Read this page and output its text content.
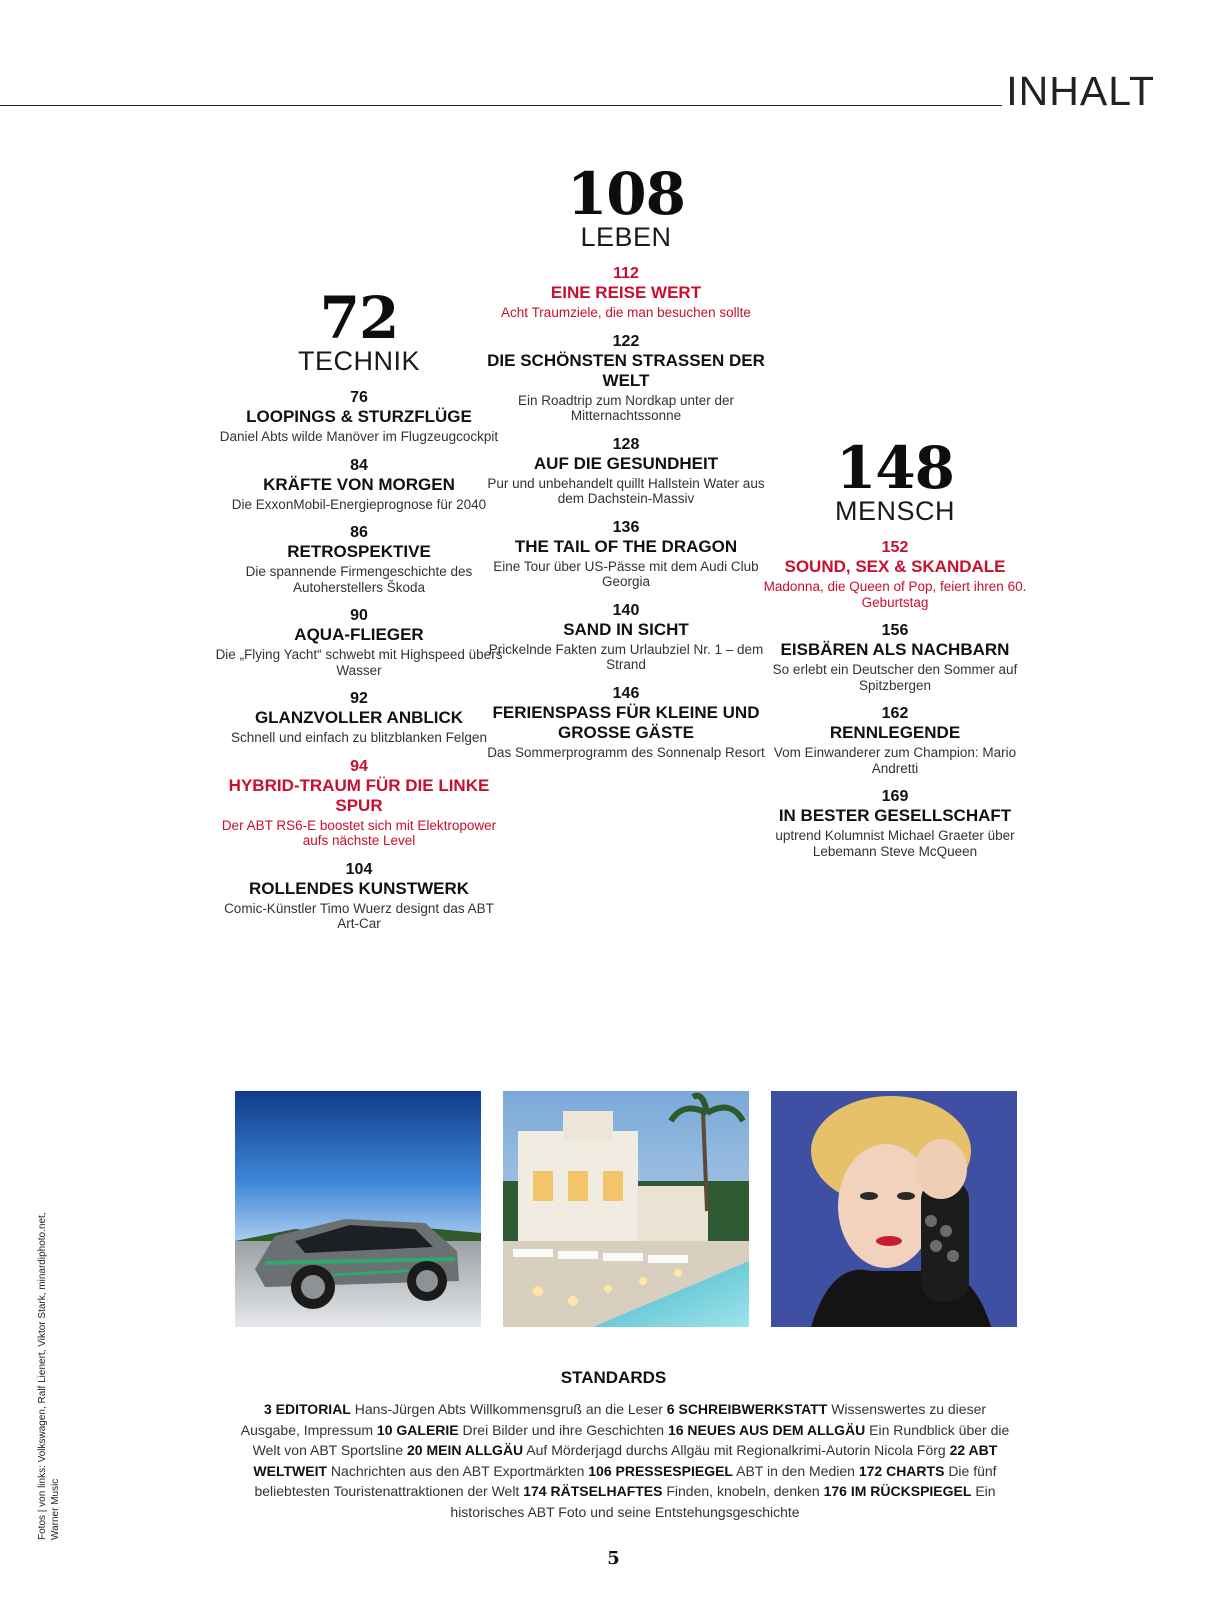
INHALT
72
TECHNIK
76
LOOPINGS & STURZFLÜGE
Daniel Abts wilde Manöver im Flugzeugcockpit
84
KRÄFTE VON MORGEN
Die ExxonMobil-Energieprognose für 2040
86
RETROSPEKTIVE
Die spannende Firmengeschichte des Autoherstellers Škoda
90
AQUA-FLIEGER
Die „Flying Yacht“ schwebt mit Highspeed übers Wasser
92
GLANZVOLLER ANBLICK
Schnell und einfach zu blitzblanken Felgen
94
HYBRID-TRAUM FÜR DIE LINKE SPUR
Der ABT RS6-E boostet sich mit Elektropower aufs nächste Level
104
ROLLENDES KUNSTWERK
Comic-Künstler Timo Wuerz designt das ABT Art-Car
108
LEBEN
112
EINE REISE WERT
Acht Traumziele, die man besuchen sollte
122
DIE SCHÖNSTEN STRASSEN DER WELT
Ein Roadtrip zum Nordkap unter der Mitternachtssonne
128
AUF DIE GESUNDHEIT
Pur und unbehandelt quillt Hallstein Water aus dem Dachstein-Massiv
136
THE TAIL OF THE DRAGON
Eine Tour über US-Pässe mit dem Audi Club Georgia
140
SAND IN SICHT
Prickelnde Fakten zum Urlaubziel Nr. 1 – dem Strand
146
FERIENSPASS FÜR KLEINE UND GROSSE GÄSTE
Das Sommerprogramm des Sonnenalp Resort
148
MENSCH
152
SOUND, SEX & SKANDALE
Madonna, die Queen of Pop, feiert ihren 60. Geburtstag
156
EISBÄREN ALS NACHBARN
So erlebt ein Deutscher den Sommer auf Spitzbergen
162
RENNLEGENDE
Vom Einwanderer zum Champion: Mario Andretti
169
IN BESTER GESELLSCHAFT
uptrend Kolumnist Michael Graeter über Lebemann Steve McQueen
Fotos | von links: Volkswagen, Ralf Lienert, Viktor Stark, minardiphoto.net, Warner Music
STANDARDS
3 EDITORIAL Hans-Jürgen Abts Willkommensgruß an die Leser 6 SCHREIBWERKSTATT Wissenswertes zu dieser Ausgabe, Impressum 10 GALERIE Drei Bilder und ihre Geschichten 16 NEUES AUS DEM ALLGÄU Ein Rundblick über die Welt von ABT Sportsline 20 MEIN ALLGÄU Auf Mörderjagd durchs Allgäu mit Regionalkrimi-Autorin Nicola Förg 22 ABT WELTWEIT Nachrichten aus den ABT Exportmärkten 106 PRESSESPIEGEL ABT in den Medien 172 CHARTS Die fünf beliebtesten Touristenattraktionen der Welt 174 RÄTSELHAFTES Finden, knobeln, denken 176 IM RÜCKSPIEGEL Ein historisches ABT Foto und seine Entstehungsgeschichte
5
